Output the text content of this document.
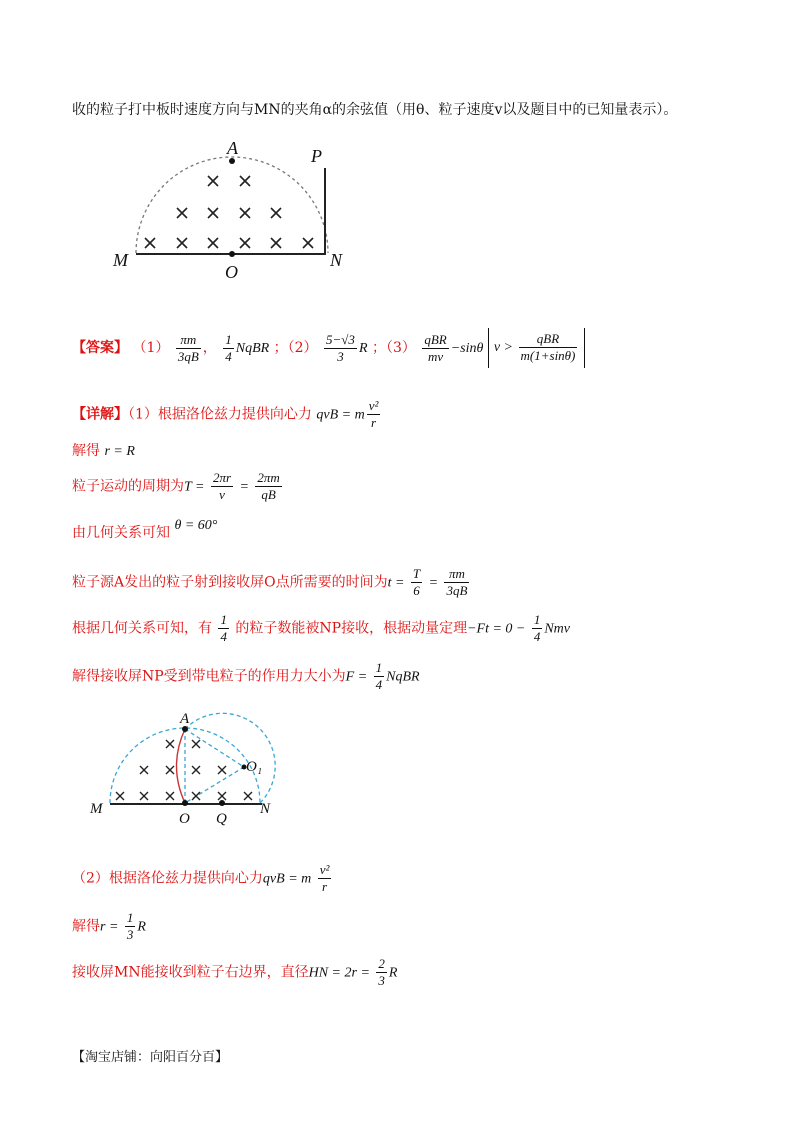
收的粒子打中板时速度方向与MN的夹角α的余弦值（用θ、粒子速度v以及题目中的已知量表示）。
A	P
M	N
O
【答案】 $(1) \frac{\pi m}{3qB}$ ， $\frac{1}{4}$ NqBR ；$(2) \frac{5-√3}{3}$ R ；$(3) \frac{\text{qBR}}{mv} -\sin\theta$ $v > \frac{\text{qBR}}{m(1+\sin\theta)}$
【详解】（1）根据洛伦兹力提供向心力 qvB = m $\frac{\text{v²}}{r}$
解得 r = R
粒子运动的周期为$T = \frac{2\pi r}{v} = \frac{2\pi m}{qB}$
由几何关系可知 θ = 60°
粒子源A发出的粒子射到接收屏O点所需要的时间为$t = \frac{T}{6} = \frac{\pi m}{3qB}$
根据几何关系可知，有 $\frac{1}{4}$ 的粒子数能被NP接收，根据动量定理$-Ft = 0 - \frac{1}{4}$ Nmv
解得接收屏NP受到带电粒子的作用力大小为$F = \frac{1}{4}$ NqBR
A
O₁
M
O Q
N
（2）根据洛伦兹力提供向心力qvB = m $\frac{\text{v²}}{r}$
解得$r = \frac{1}{3}$ R
接收屏MN能接收到粒子右边界，直径HN = $2r = \frac{2}{3}$ R
【淘宝店铺：向阳百分百】
